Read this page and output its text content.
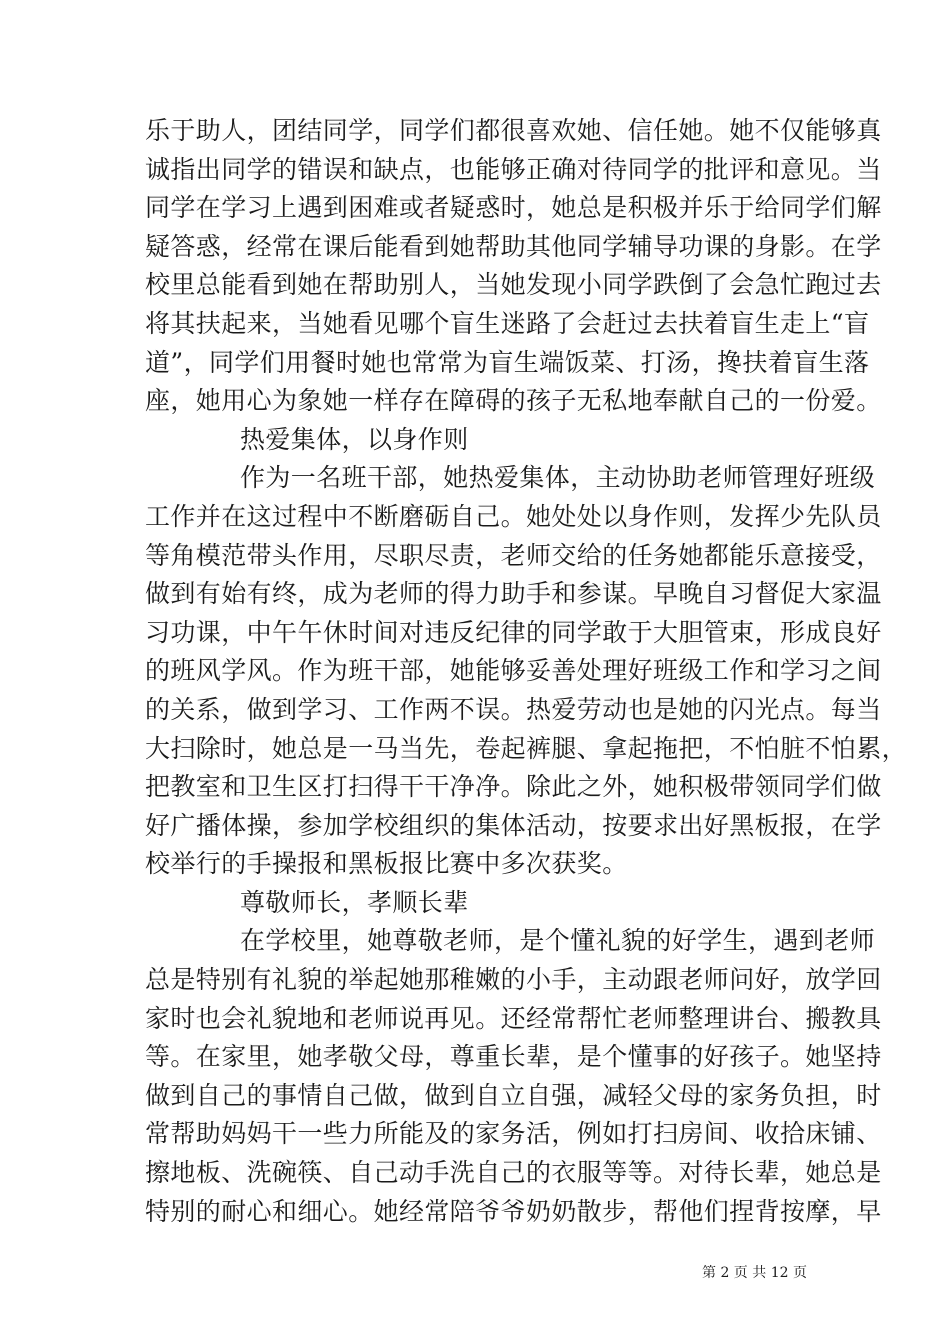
乐于助人，团结同学，同学们都很喜欢她、信任她。她不仅能够真
诚指出同学的错误和缺点，也能够正确对待同学的批评和意见。当
同学在学习上遇到困难或者疑惑时，她总是积极并乐于给同学们解
疑答惑，经常在课后能看到她帮助其他同学辅导功课的身影。在学
校里总能看到她在帮助别人，当她发现小同学跌倒了会急忙跑过去
将其扶起来，当她看见哪个盲生迷路了会赶过去扶着盲生走上“盲
道”，同学们用餐时她也常常为盲生端饭菜、打汤，搀扶着盲生落
座，她用心为象她一样存在障碍的孩子无私地奉献自己的一份爱。
热爱集体，以身作则
作为一名班干部，她热爱集体，主动协助老师管理好班级
工作并在这过程中不断磨砺自己。她处处以身作则，发挥少先队员
等角模范带头作用，尽职尽责，老师交给的任务她都能乐意接受，
做到有始有终，成为老师的得力助手和参谋。早晚自习督促大家温
习功课，中午午休时间对违反纪律的同学敢于大胆管束，形成良好
的班风学风。作为班干部，她能够妥善处理好班级工作和学习之间
的关系，做到学习、工作两不误。热爱劳动也是她的闪光点。每当
大扫除时，她总是一马当先，卷起裤腿、拿起拖把，不怕脏不怕累，
把教室和卫生区打扫得干干净净。除此之外，她积极带领同学们做
好广播体操，参加学校组织的集体活动，按要求出好黑板报，在学
校举行的手操报和黑板报比赛中多次获奖。
尊敬师长，孝顺长辈
在学校里，她尊敬老师，是个懂礼貌的好学生，遇到老师
总是特别有礼貌的举起她那稚嫩的小手，主动跟老师问好，放学回
家时也会礼貌地和老师说再见。还经常帮忙老师整理讲台、搬教具
等。在家里，她孝敬父母，尊重长辈，是个懂事的好孩子。她坚持
做到自己的事情自己做，做到自立自强，减轻父母的家务负担，时
常帮助妈妈干一些力所能及的家务活，例如打扫房间、收拾床铺、
擦地板、洗碗筷、自己动手洗自己的衣服等等。对待长辈，她总是
特别的耐心和细心。她经常陪爷爷奶奶散步，帮他们捏背按摩，早
第 2 页 共 12 页
